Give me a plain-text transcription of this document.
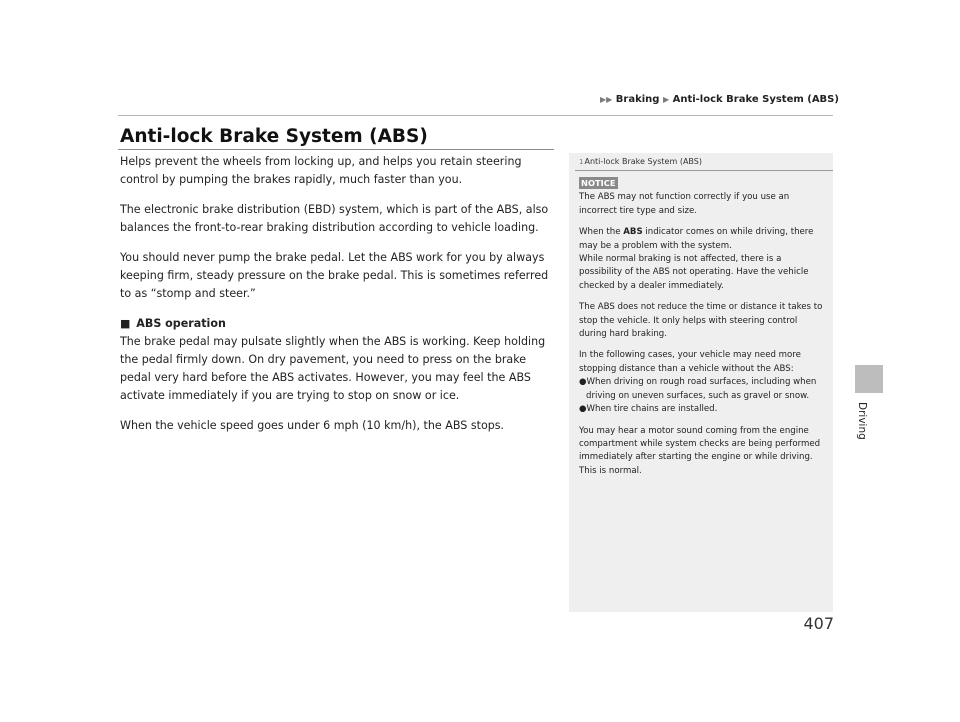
▶▶ Braking ▶ Anti-lock Brake System (ABS)
Anti-lock Brake System (ABS)

Helps prevent the wheels from locking up, and helps you retain steering control by pumping the brakes rapidly, much faster than you.

The electronic brake distribution (EBD) system, which is part of the ABS, also balances the front-to-rear braking distribution according to vehicle loading.

You should never pump the brake pedal. Let the ABS work for you by always keeping firm, steady pressure on the brake pedal. This is sometimes referred to as “stomp and steer.”

■ ABS operation

The brake pedal may pulsate slightly when the ABS is working. Keep holding the pedal firmly down. On dry pavement, you need to press on the brake pedal very hard before the ABS activates. However, you may feel the ABS activate immediately if you are trying to stop on snow or ice.

When the vehicle speed goes under 6 mph (10 km/h), the ABS stops.

1Anti-lock Brake System (ABS)
NOTICE
The ABS may not function correctly if you use an incorrect tire type and size.
When the ABS indicator comes on while driving, there may be a problem with the system.
While normal braking is not affected, there is a possibility of the ABS not operating. Have the vehicle checked by a dealer immediately.

The ABS does not reduce the time or distance it takes to stop the vehicle. It only helps with steering control during hard braking.

In the following cases, your vehicle may need more stopping distance than a vehicle without the ABS:
●When driving on rough road surfaces, including when driving on uneven surfaces, such as gravel or snow.
●When tire chains are installed.

You may hear a motor sound coming from the engine compartment while system checks are being performed immediately after starting the engine or while driving. This is normal.

Driving
407
